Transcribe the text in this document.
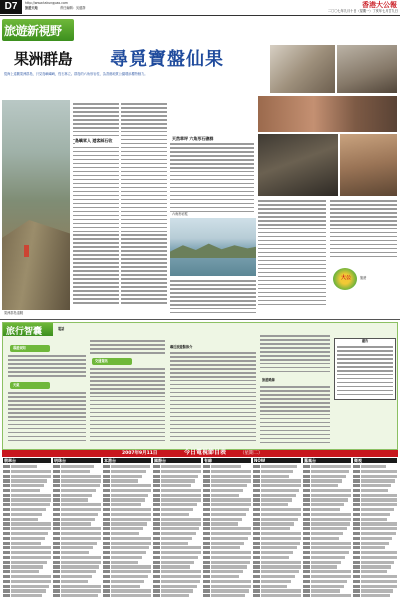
D7	http://www.takungpao.com
旅遊天地	責任編輯：吳蘊靜	香港大公報
二〇〇七年九月十日（星期一）丁亥年七月廿九日
旅遊新視野
果洲群島	尋覓寶盤仙果
從海上遠眺果洲群島，只見島嶼嶙峋，怪石林立。群島的六角形岩柱，為香港地質公園增添獨特魅力。
果洲群島遠眺
島嶼眾人 遊客踩石收	天然草坪 六角形石礁群
六角形岩柱
大公	旅遊
旅行智囊	電話
導遊須知
天氣
交通資訊
鄰近旅遊點推介
旅遊路線
廣告
2007年9月11日	今日電視節目表	（星期二）
翡翠台	明珠台	本港台	國際台	有線	NOW	鳳凰台	衛視
